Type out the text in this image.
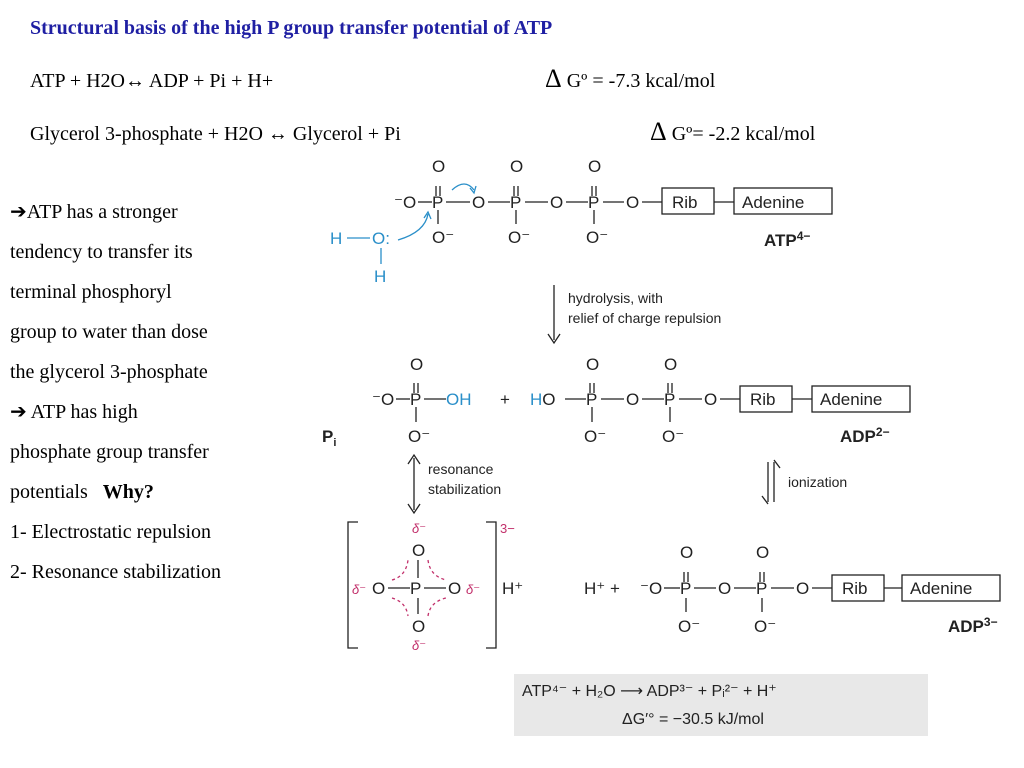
Structural basis of the high P group transfer potential of ATP
ATP + H2O↔ ADP + Pi + H+	Δ Gº = -7.3 kcal/mol
Glycerol 3-phosphate + H2O ↔ Glycerol + Pi	Δ Gº= -2.2 kcal/mol
➔ATP has a stronger
tendency to transfer its
terminal phosphoryl
group to water than dose
the glycerol 3-phosphate
➔ ATP has high
phosphate group transfer
potentials Why?
1- Electrostatic repulsion
2- Resonance stabilization
⁻O P
O
O⁻
O P
O
O⁻
O P
O
O⁻
O Rib	Adenine
$ATP^{4-}$
H O:
H
hydrolysis, with
relief of charge repulsion
⁻O P
O
O⁻
OH
$P_i$
+ HO P
O
O⁻
O P
O
O⁻
O Rib	Adenine
$ADP^{2-}$
resonance
stabilization	ionization
3−
δ⁻
O
δ⁻ O P O δ⁻
O
δ⁻
H⁺	H⁺ + ⁻O P
O
O⁻
O P
O
O⁻
O Rib Adenine
$ADP^{3-}$
ATP⁴⁻ + H₂O ⟶ ADP³⁻ + Pᵢ²⁻ + H⁺
ΔG′° = −30.5 kJ/mol
